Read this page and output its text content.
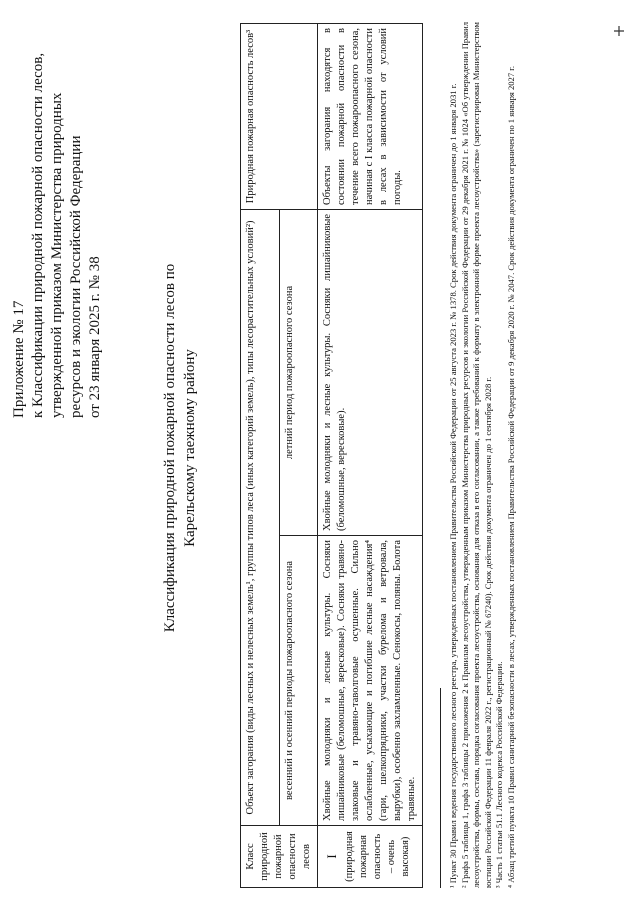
Приложение № 17 к Классификации природной пожарной опасности лесов, утвержденной приказом Министерства природных ресурсов и экологии Российской Федерации от 23 января 2025 г. № 38	Классификация природной пожарной опасности лесов по Карельскому таежному району
Класс природной пожарной опасности лесов	Объект загорания (виды лесных и нелесных земель¹, группы типов леса (иных категорий земель), типы лесорастительных условий²)		Природная пожарная опасность лесов³
	весенний и осенний периоды пожароопасного сезона	летний период пожароопасного сезона	

I (природная пожарная опасность – очень высокая)	Хвойные молодняки и лесные культуры. Сосняки лишайниковые (беломошные, вересковые). Сосняки травяно-злаковые и травяно-таволговые осушенные. Сильно ослабленные, усыхающие и погибшие лесные насаждения⁴ (гари, шелкопрядники, участки бурелома и ветровала, вырубки), особенно захламленные. Сенокосы, поляны. Болота травяные.	Хвойные молодняки и лесные культуры. Сосняки лишайниковые (беломошные, вересковые).	Объекты загорания находятся в состоянии пожарной опасности в течение всего пожароопасного сезона, начиная с I класса пожарной опасности в лесах в зависимости от условий погоды.	¹ Пункт 30 Правил ведения государственного лесного реестра, утвержденных постановлением Правительства Российской Федерации от 25 августа 2023 г. № 1378. Срок действия документа ограничен до 1 января 2031 г. ² Графа 5 таблицы 1, графа 3 таблицы 2 приложения 2 к Правилам лесоустройства, утвержденным приказом Министерства природных ресурсов и экологии Российской Федерации от 29 декабря 2021 г. № 1024 «Об утверждении Правил лесоустройства, формы, состава, порядка согласования проекта лесоустройства, основания для отказа в его согласовании, а также требований к формату в электронной форме проекта лесоустройства» (зарегистрирован Министерством юстиции Российской Федерации 11 февраля 2022 г., регистрационный № 67240). Срок действия документа ограничен до 1 сентября 2028 г. ³ Часть 1 статьи 51.1 Лесного кодекса Российской Федерации. ⁴ Абзац третий пункта 10 Правил санитарной безопасности в лесах, утвержденных постановлением Правительства Российской Федерации от 9 декабря 2020 г. № 2047. Срок действия документа ограничен по 1 января 2027 г.
